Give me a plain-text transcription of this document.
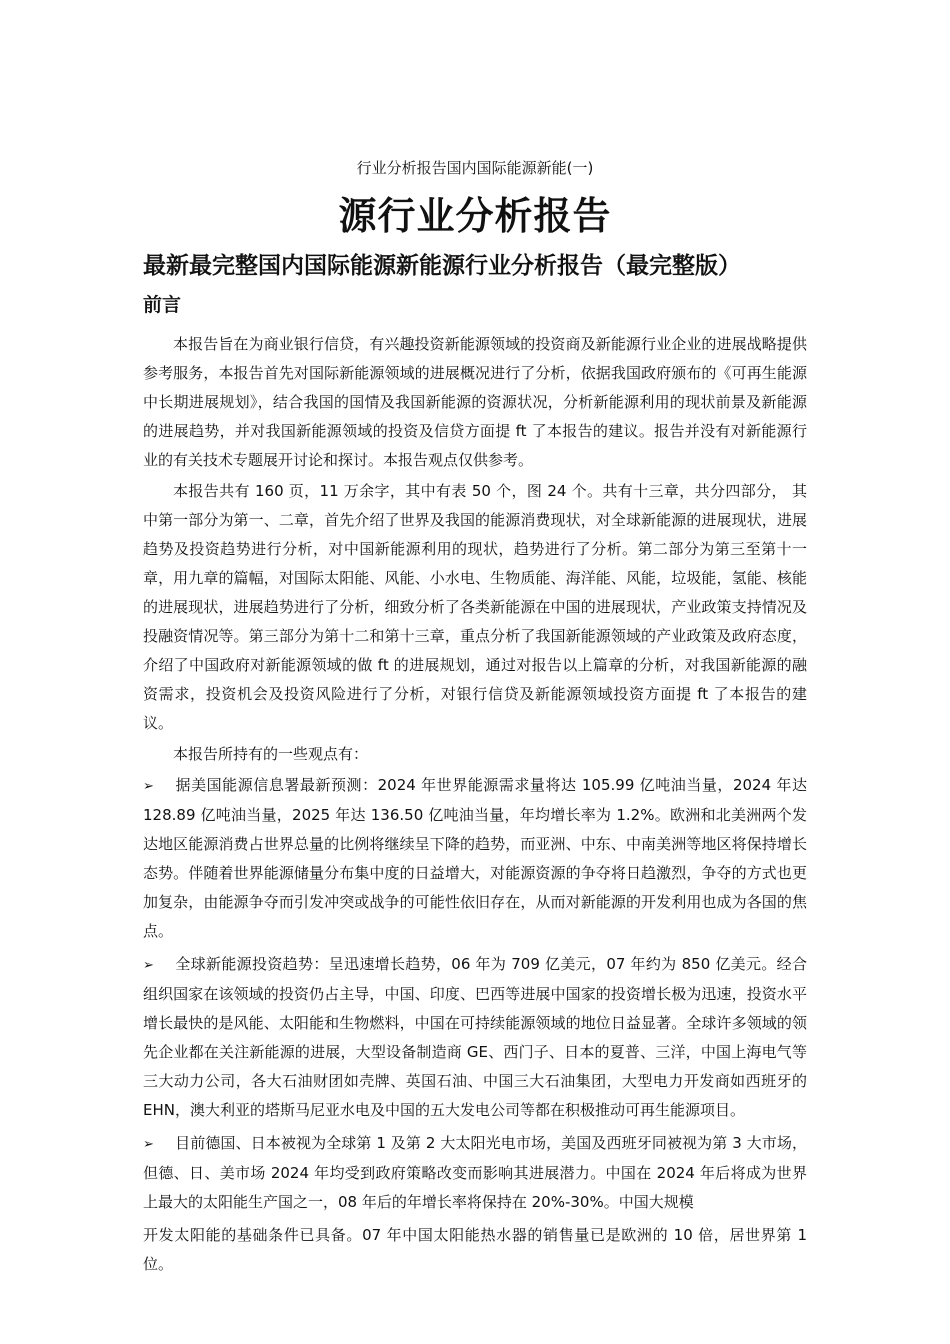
行业分析报告国内国际能源新能(一)
源行业分析报告
最新最完整国内国际能源新能源行业分析报告（最完整版）
前言

本报告旨在为商业银行信贷，有兴趣投资新能源领域的投资商及新能源行业企业的进展战略提供参考服务，本报告首先对国际新能源领域的进展概况进行了分析，依据我国政府颁布的《可再生能源中长期进展规划》，结合我国的国情及我国新能源的资源状况，分析新能源利用的现状前景及新能源的进展趋势，并对我国新能源领域的投资及信贷方面提 ft 了本报告的建议。报告并没有对新能源行业的有关技术专题展开讨论和探讨。本报告观点仅供参考。

本报告共有 160 页，11 万余字，其中有表 50 个，图 24 个。共有十三章，共分四部分， 其中第一部分为第一、二章，首先介绍了世界及我国的能源消费现状，对全球新能源的进展现状，进展趋势及投资趋势进行分析，对中国新能源利用的现状，趋势进行了分析。第二部分为第三至第十一章，用九章的篇幅，对国际太阳能、风能、小水电、生物质能、海洋能、风能，垃圾能，氢能、核能的进展现状，进展趋势进行了分析，细致分析了各类新能源在中国的进展现状，产业政策支持情况及投融资情况等。第三部分为第十二和第十三章，重点分析了我国新能源领域的产业政策及政府态度，介绍了中国政府对新能源领域的做 ft 的进展规划，通过对报告以上篇章的分析，对我国新能源的融资需求，投资机会及投资风险进行了分析，对银行信贷及新能源领域投资方面提 ft 了本报告的建议。

本报告所持有的一些观点有：

➢ 据美国能源信息署最新预测：2024 年世界能源需求量将达 105.99 亿吨油当量，2024 年达 128.89 亿吨油当量，2025 年达 136.50 亿吨油当量，年均增长率为 1.2%。欧洲和北美洲两个发达地区能源消费占世界总量的比例将继续呈下降的趋势，而亚洲、中东、中南美洲等地区将保持增长态势。伴随着世界能源储量分布集中度的日益增大，对能源资源的争夺将日趋激烈，争夺的方式也更加复杂，由能源争夺而引发冲突或战争的可能性依旧存在，从而对新能源的开发利用也成为各国的焦点。

➢ 全球新能源投资趋势：呈迅速增长趋势，06 年为 709 亿美元，07 年约为 850 亿美元。经合组织国家在该领域的投资仍占主导，中国、印度、巴西等进展中国家的投资增长极为迅速，投资水平增长最快的是风能、太阳能和生物燃料，中国在可持续能源领域的地位日益显著。全球许多领域的领先企业都在关注新能源的进展，大型设备制造商 GE、西门子、日本的夏普、三洋，中国上海电气等三大动力公司，各大石油财团如壳牌、英国石油、中国三大石油集团，大型电力开发商如西班牙的 EHN，澳大利亚的塔斯马尼亚水电及中国的五大发电公司等都在积极推动可再生能源项目。

➢ 目前德国、日本被视为全球第 1 及第 2 大太阳光电市场，美国及西班牙同被视为第 3 大市场，但德、日、美市场 2024 年均受到政府策略改变而影响其进展潜力。中国在 2024 年后将成为世界上最大的太阳能生产国之一，08 年后的年增长率将保持在 20%-30%。中国大规模

开发太阳能的基础条件已具备。07 年中国太阳能热水器的销售量已是欧洲的 10 倍，居世界第 1 位。
